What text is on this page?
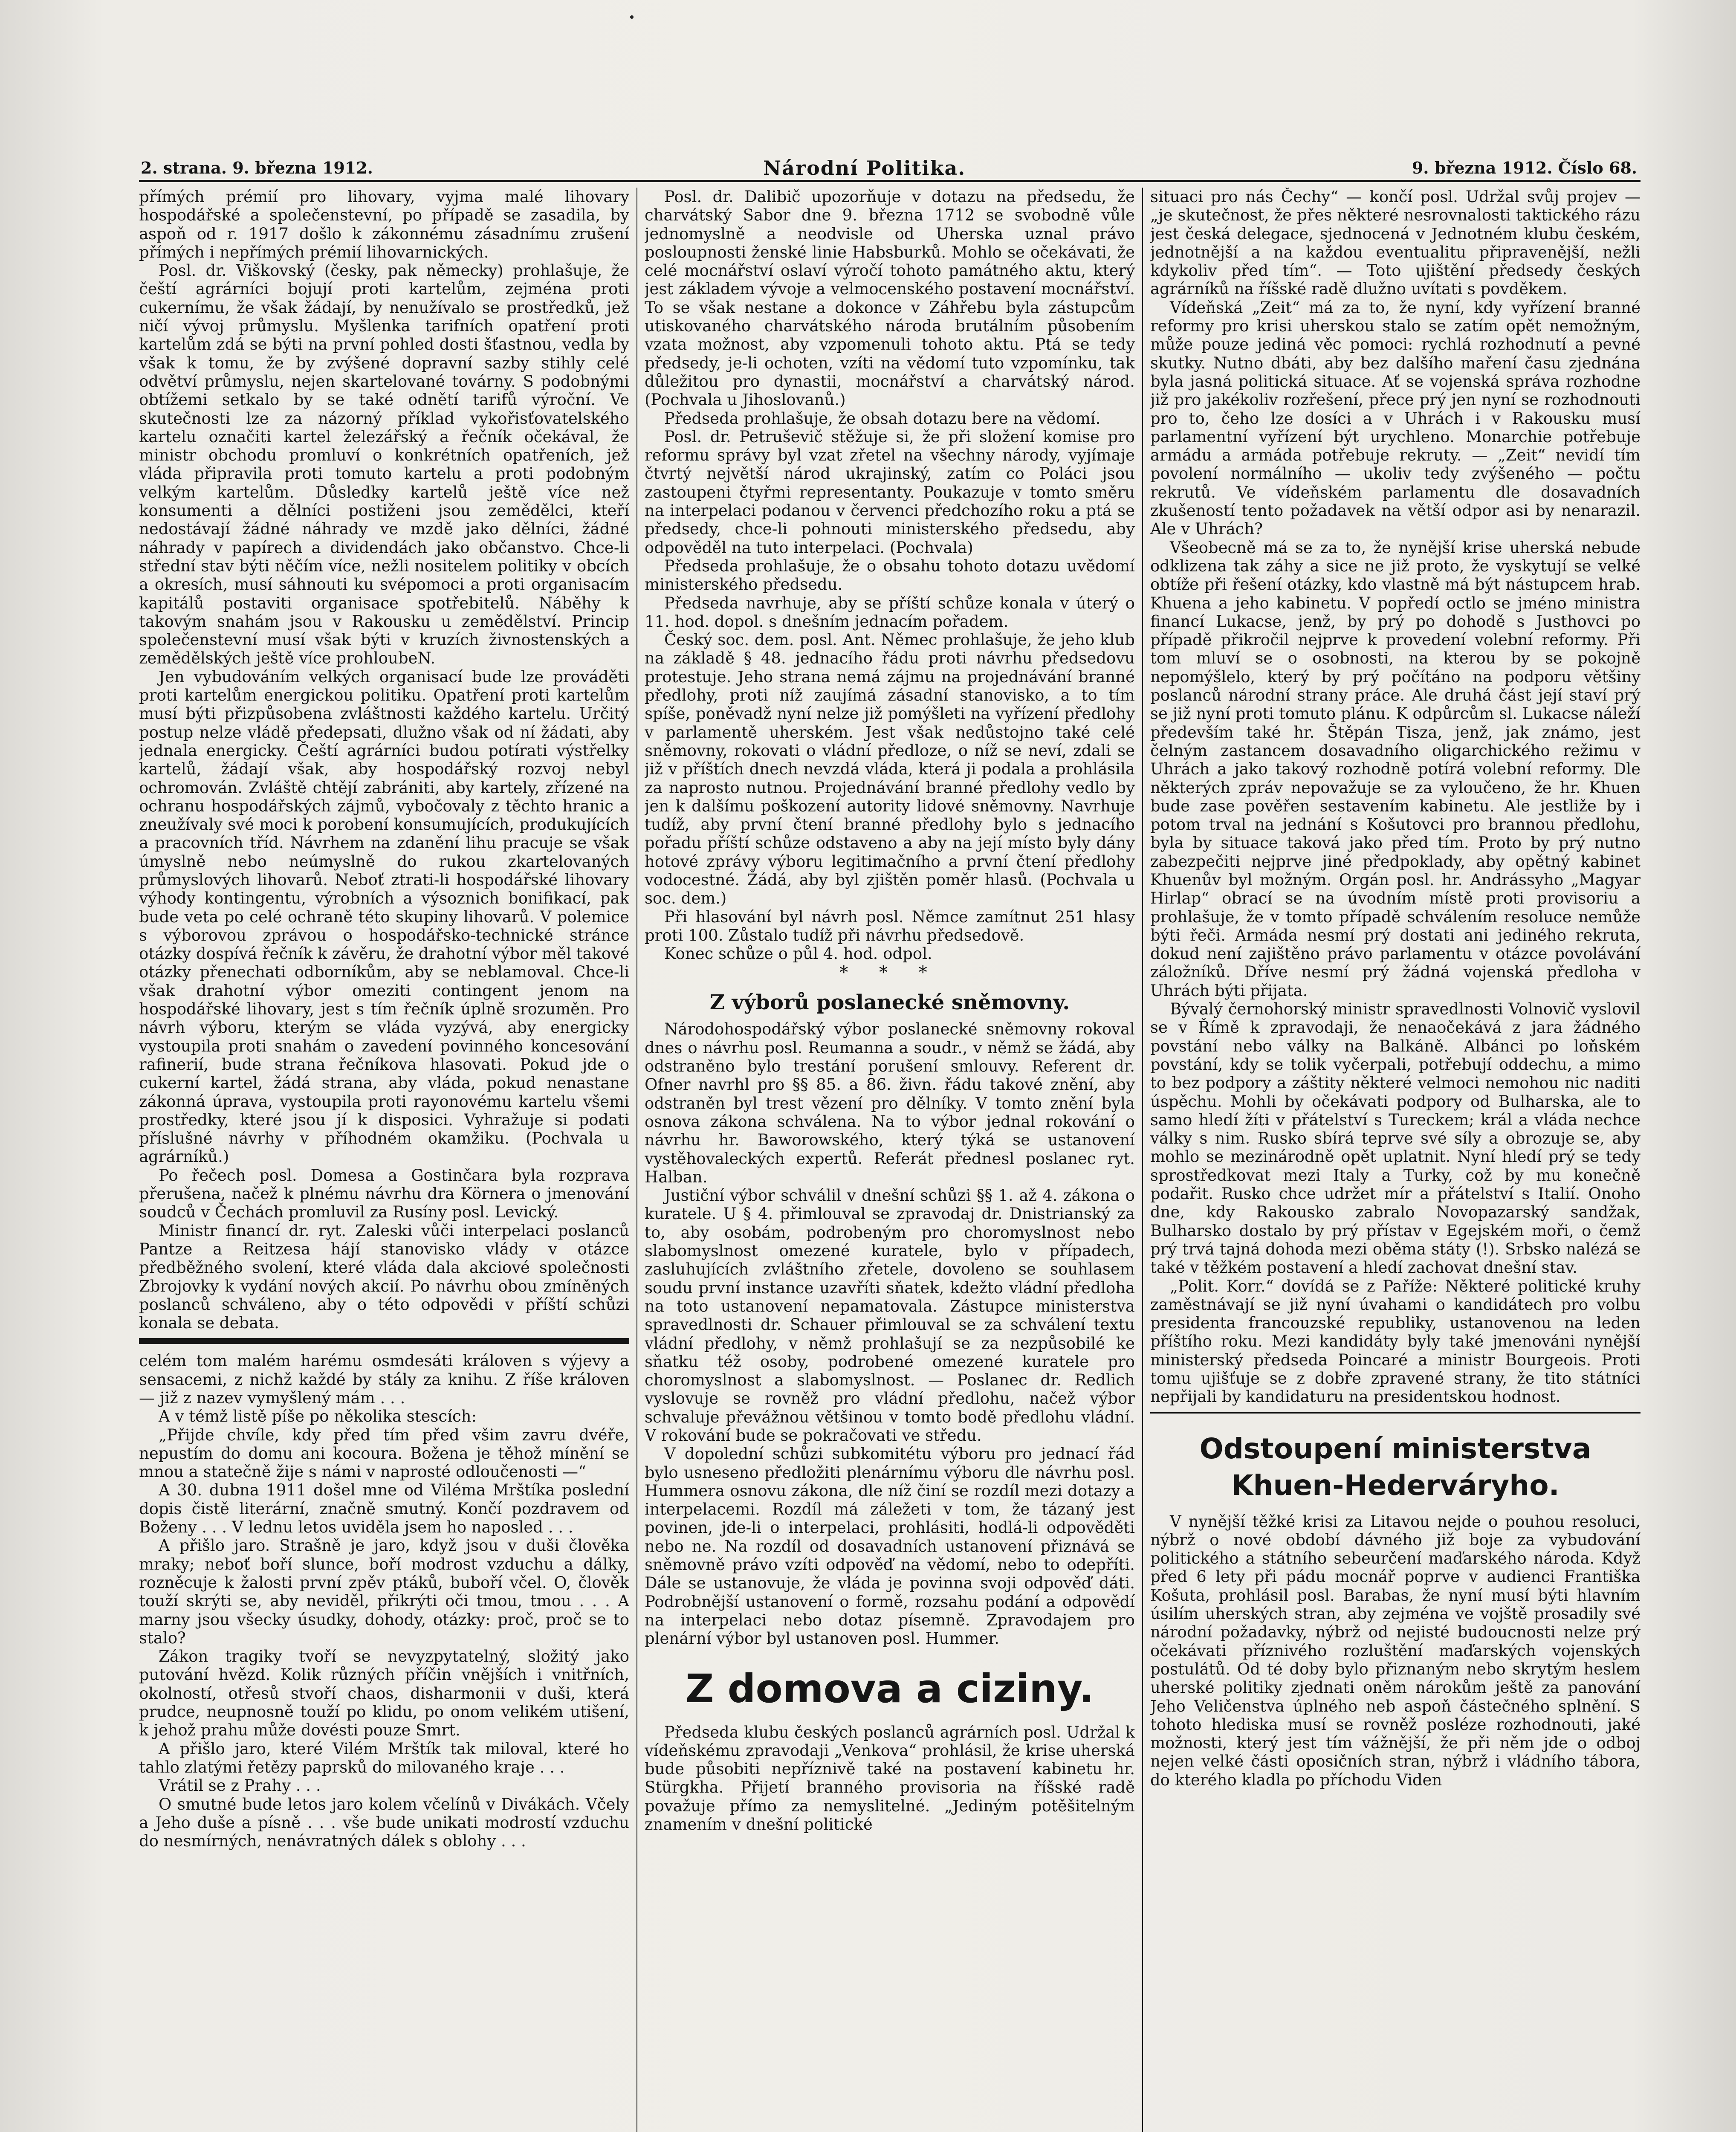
2. strana. 9. března 1912.	Národní Politika.	9. března 1912. Číslo 68.

přímých prémií pro lihovary, vyjma malé lihovary hospodářské a společenstevní, po případě se zasadila, by aspoň od r. 1917 došlo k zákonnému zásadnímu zrušení přímých i nepřímých prémií lihovarnických.

Posl. dr. Viškovský (česky, pak německy) prohlašuje, že čeští agrárníci bojují proti kartelům, zejména proti cukernímu, že však žádají, by nenužívalo se prostředků, jež ničí vývoj průmyslu. Myšlenka tarifních opatření proti kartelům zdá se býti na první pohled dosti šťastnou, vedla by však k tomu, že by zvýšené dopravní sazby stihly celé odvětví průmyslu, nejen skartelované továrny. S podobnými obtížemi setkalo by se také odnětí tarifů výroční. Ve skutečnosti lze za názorný příklad vykořisťovatelského kartelu označiti kartel železářský a řečník očekával, že ministr obchodu promluví o konkrétních opatřeních, jež vláda připravila proti tomuto kartelu a proti podobným velkým kartelům. Důsledky kartelů ještě více než konsumenti a dělníci postiženi jsou zemědělci, kteří nedostávají žádné náhrady ve mzdě jako dělníci, žádné náhrady v papírech a dividendách jako občanstvo. Chce-li střední stav býti něčím více, nežli nositelem politiky v obcích a okresích, musí sáhnouti ku svépomoci a proti organisacím kapitálů postaviti organisace spotřebitelů. Náběhy k takovým snahám jsou v Rakousku u zemědělství. Princip společenstevní musí však býti v kruzích živnostenských a zemědělských ještě více prohloubeN.

Jen vybudováním velkých organisací bude lze prováděti proti kartelům energickou politiku. Opatření proti kartelům musí býti přizpůsobena zvláštnosti každého kartelu. Určitý postup nelze vládě předepsati, dlužno však od ní žádati, aby jednala energicky. Čeští agrárníci budou potírati výstřelky kartelů, žádají však, aby hospodářský rozvoj nebyl ochromován. Zvláště chtějí zabrániti, aby kartely, zřízené na ochranu hospodářských zájmů, vybočovaly z těchto hranic a zneužívaly své moci k porobení konsumujících, produkujících a pracovních tříd. Návrhem na zdanění lihu pracuje se však úmyslně nebo neúmyslně do rukou zkartelovaných průmyslových lihovarů. Neboť ztrati-li hospodářské lihovary výhody kontingentu, výrobních a výsoznich bonifikací, pak bude veta po celé ochraně této skupiny lihovarů. V polemice s výborovou zprávou o hospodářsko-technické stránce otázky dospívá řečník k závěru, že drahotní výbor měl takové otázky přenechati odborníkům, aby se neblamoval. Chce-li však drahotní výbor omeziti contingent jenom na hospodářské lihovary, jest s tím řečník úplně srozuměn. Pro návrh výboru, kterým se vláda vyzývá, aby energicky vystoupila proti snahám o zavedení povinného koncesování rafinerií, bude strana řečníkova hlasovati. Pokud jde o cukerní kartel, žádá strana, aby vláda, pokud nenastane zákonná úprava, vystoupila proti rayonovému kartelu všemi prostředky, které jsou jí k disposici. Vyhražuje si podati příslušné návrhy v příhodném okamžiku. (Pochvala u agrárníků.)

Po řečech posl. Domesa a Gostinčara byla rozprava přerušena, načež k plnému návrhu dra Körnera o jmenování soudců v Čechách promluvil za Rusíny posl. Levický.

Ministr financí dr. ryt. Zaleski vůči interpelaci poslanců Pantze a Reitzesa hájí stanovisko vlády v otázce předběžného svolení, které vláda dala akciové společnosti Zbrojovky k vydání nových akcií. Po návrhu obou zmíněných poslanců schváleno, aby o této odpovědi v příští schůzi konala se debata.

celém tom malém harému osmdesáti královen s výjevy a sensacemi, z nichž každé by stály za knihu. Z říše královen — již z nazev vymyšlený mám . . .

A v témž listě píše po několika stescích:

„Přijde chvíle, kdy před tím před všim zavru dvéře, nepustím do domu ani kocoura. Božena je těhož mínění se mnou a statečně žije s námi v naprosté odloučenosti —“

A 30. dubna 1911 došel mne od Viléma Mrštíka poslední dopis čistě literární, značně smutný. Končí pozdravem od Boženy . . . V lednu letos uviděla jsem ho naposled . . .

A přišlo jaro. Strašně je jaro, když jsou v duši člověka mraky; neboť boří slunce, boří modrost vzduchu a dálky, rozněcuje k žalosti první zpěv ptáků, buboří včel. O, člověk touží skrýti se, aby neviděl, přikrýti oči tmou, tmou . . . A marny jsou všecky úsudky, dohody, otázky: proč, proč se to stalo?

Zákon tragiky tvoří se nevyzpytatelný, složitý jako putování hvězd. Kolik různých příčin vnějších i vnitřních, okolností, otřesů stvoří chaos, disharmonii v duši, která prudce, neupnosně touží po klidu, po onom velikém utišení, k jehož prahu může dovésti pouze Smrt.

A přišlo jaro, které Vilém Mrštík tak miloval, které ho tahlo zlatými řetězy paprsků do milovaného kraje . . .

Vrátil se z Prahy . . .

O smutné bude letos jaro kolem včelínů v Divákách. Včely a Jeho duše a písně . . . vše bude unikati modrostí vzduchu do nesmírných, nenávratných dálek s oblohy . . .

Posl. dr. Dalibič upozorňuje v dotazu na předsedu, že charvátský Sabor dne 9. března 1712 se svobodně vůle jednomyslně a neodvisle od Uherska uznal právo posloupnosti ženské linie Habsburků. Mohlo se očekávati, že celé mocnářství oslaví výročí tohoto památného aktu, který jest základem vývoje a velmocenského postavení mocnářství. To se však nestane a dokonce v Záhřebu byla zástupcům utiskovaného charvátského národa brutálním působením vzata možnost, aby vzpomenuli tohoto aktu. Ptá se tedy předsedy, je-li ochoten, vzíti na vědomí tuto vzpomínku, tak důležitou pro dynastii, mocnářství a charvátský národ. (Pochvala u Jihoslovanů.)

Předseda prohlašuje, že obsah dotazu bere na vědomí.

Posl. dr. Petruševič stěžuje si, že při složení komise pro reformu správy byl vzat zřetel na všechny národy, vyjímaje čtvrtý největší národ ukrajinský, zatím co Poláci jsou zastoupeni čtyřmi representanty. Poukazuje v tomto směru na interpelaci podanou v červenci předchozího roku a ptá se předsedy, chce-li pohnouti ministerského předsedu, aby odpověděl na tuto interpelaci. (Pochvala)

Předseda prohlašuje, že o obsahu tohoto dotazu uvědomí ministerského předsedu.

Předseda navrhuje, aby se příští schůze konala v úterý o 11. hod. dopol. s dnešním jednacím pořadem.

Český soc. dem. posl. Ant. Němec prohlašuje, že jeho klub na základě § 48. jednacího řádu proti návrhu předsedovu protestuje. Jeho strana nemá zájmu na projednávání branné předlohy, proti níž zaujímá zásadní stanovisko, a to tím spíše, poněvadž nyní nelze již pomýšleti na vyřízení předlohy v parlamentě uherském. Jest však nedůstojno také celé sněmovny, rokovati o vládní předloze, o níž se neví, zdali se již v příštích dnech nevzdá vláda, která ji podala a prohlásila za naprosto nutnou. Projednávání branné předlohy vedlo by jen k dalšímu poškození autority lidové sněmovny. Navrhuje tudíž, aby první čtení branné předlohy bylo s jednacího pořadu příští schůze odstaveno a aby na její místo byly dány hotové zprávy výboru legitimačního a první čtení předlohy vodocestné. Žádá, aby byl zjištěn poměr hlasů. (Pochvala u soc. dem.)

Při hlasování byl návrh posl. Němce zamítnut 251 hlasy proti 100. Zůstalo tudíž při návrhu předsedově.

Konec schůze o půl 4. hod. odpol.

* * *
Z výborů poslanecké sněmovny.

Národohospodářský výbor poslanecké sněmovny rokoval dnes o návrhu posl. Reumanna a soudr., v němž se žádá, aby odstraněno bylo trestání porušení smlouvy. Referent dr. Ofner navrhl pro §§ 85. a 86. živn. řádu takové znění, aby odstraněn byl trest vězení pro dělníky. V tomto znění byla osnova zákona schválena. Na to výbor jednal rokování o návrhu hr. Baworowského, který týká se ustanovení vystěhovaleckých expertů. Referát přednesl poslanec ryt. Halban.

Justiční výbor schválil v dnešní schůzi §§ 1. až 4. zákona o kuratele. U § 4. přimlouval se zpravodaj dr. Dnistrianský za to, aby osobám, podrobeným pro choromyslnost nebo slabomyslnost omezené kuratele, bylo v případech, zasluhujících zvláštního zřetele, dovoleno se souhlasem soudu první instance uzavříti sňatek, kdežto vládní předloha na toto ustanovení nepamatovala. Zástupce ministerstva spravedlnosti dr. Schauer přimlouval se za schválení textu vládní předlohy, v němž prohlašují se za nezpůsobilé ke sňatku též osoby, podrobené omezené kuratele pro choromyslnost a slabomyslnost. — Poslanec dr. Redlich vyslovuje se rovněž pro vládní předlohu, načež výbor schvaluje převážnou většinou v tomto bodě předlohu vládní. V rokování bude se pokračovati ve středu.

V dopolední schůzi subkomitétu výboru pro jednací řád bylo usneseno předložiti plenárnímu výboru dle návrhu posl. Hummera osnovu zákona, dle níž činí se rozdíl mezi dotazy a interpelacemi. Rozdíl má záležeti v tom, že tázaný jest povinen, jde-li o interpelaci, prohlásiti, hodlá-li odpověděti nebo ne. Na rozdíl od dosavadních ustanovení přiznává se sněmovně právo vzíti odpověď na vědomí, nebo to odepříti. Dále se ustanovuje, že vláda je povinna svoji odpověď dáti. Podrobnější ustanovení o formě, rozsahu podání a odpovědí na interpelaci nebo dotaz písemně. Zpravodajem pro plenární výbor byl ustanoven posl. Hummer.

Z domova a ciziny.

Předseda klubu českých poslanců agrárních posl. Udržal k vídeňskému zpravodaji „Venkova“ prohlásil, že krise uherská bude působiti nepříznivě také na postavení kabinetu hr. Stürgkha. Přijetí branného provisoria na říšské radě považuje přímo za nemyslitelné. „Jediným potěšitelným znamením v dnešní politické

situaci pro nás Čechy“ — končí posl. Udržal svůj projev — „je skutečnost, že přes některé nesrovnalosti taktického rázu jest česká delegace, sjednocená v Jednotném klubu českém, jednotnější a na každou eventualitu připravenější, nežli kdykoliv před tím“. — Toto ujištění předsedy českých agrárníků na říšské radě dlužno uvítati s povděkem.

Vídeňská „Zeit“ má za to, že nyní, kdy vyřízení branné reformy pro krisi uherskou stalo se zatím opět nemožným, může pouze jediná věc pomoci: rychlá rozhodnutí a pevné skutky. Nutno dbáti, aby bez dalšího maření času zjednána byla jasná politická situace. Ať se vojenská správa rozhodne již pro jakékoliv rozřešení, přece prý jen nyní se rozhodnouti pro to, čeho lze dosíci a v Uhrách i v Rakousku musí parlamentní vyřízení být urychleno. Monarchie potřebuje armádu a armáda potřebuje rekruty. — „Zeit“ nevidí tím povolení normálního — ukoliv tedy zvýšeného — počtu rekrutů. Ve vídeňském parlamentu dle dosavadních zkušeností tento požadavek na větší odpor asi by nenarazil. Ale v Uhrách?

Všeobecně má se za to, že nynější krise uherská nebude odklizena tak záhy a sice ne již proto, že vyskytují se velké obtíže při řešení otázky, kdo vlastně má být nástupcem hrab. Khuena a jeho kabinetu. V popředí octlo se jméno ministra financí Lukacse, jenž, by prý po dohodě s Justhovci po případě přikročil nejprve k provedení volební reformy. Při tom mluví se o osobnosti, na kterou by se pokojně nepomýšlelo, který by prý počítáno na podporu většiny poslanců národní strany práce. Ale druhá část její staví prý se již nyní proti tomuto plánu. K odpůrcům sl. Lukacse náleží především také hr. Štěpán Tisza, jenž, jak známo, jest čelným zastancem dosavadního oligarchického režimu v Uhrách a jako takový rozhodně potírá volební reformy. Dle některých zpráv nepovažuje se za vyloučeno, že hr. Khuen bude zase pověřen sestavením kabinetu. Ale jestliže by i potom trval na jednání s Košutovci pro brannou předlohu, byla by situace taková jako před tím. Proto by prý nutno zabezpečiti nejprve jiné předpoklady, aby opětný kabinet Khuenův byl možným. Orgán posl. hr. Andrássyho „Magyar Hirlap“ obrací se na úvodním místě proti provisoriu a prohlašuje, že v tomto případě schválením resoluce nemůže býti řeči. Armáda nesmí prý dostati ani jediného rekruta, dokud není zajištěno právo parlamentu v otázce povolávání záložníků. Dříve nesmí prý žádná vojenská předloha v Uhrách býti přijata.

Bývalý černohorský ministr spravedlnosti Volnovič vyslovil se v Římě k zpravodaji, že nenaočekává z jara žádného povstání nebo války na Balkáně. Albánci po loňském povstání, kdy se tolik vyčerpali, potřebují oddechu, a mimo to bez podpory a záštity některé velmoci nemohou nic naditi úspěchu. Mohli by očekávati podpory od Bulharska, ale to samo hledí žíti v přátelství s Tureckem; král a vláda nechce války s nim. Rusko sbírá teprve své síly a obrozuje se, aby mohlo se mezinárodně opět uplatnit. Nyní hledí prý se tedy sprostředkovat mezi Italy a Turky, což by mu konečně podařit. Rusko chce udržet mír a přátelství s Italií. Onoho dne, kdy Rakousko zabralo Novopazarský sandžak, Bulharsko dostalo by prý přístav v Egejském moři, o čemž prý trvá tajná dohoda mezi oběma státy (!). Srbsko nalézá se také v těžkém postavení a hledí zachovat dnešní stav.

„Polit. Korr.“ dovídá se z Paříže: Některé politické kruhy zaměstnávají se již nyní úvahami o kandidátech pro volbu presidenta francouzské republiky, ustanovenou na leden příštího roku. Mezi kandidáty byly také jmenováni nynější ministerský předseda Poincaré a ministr Bourgeois. Proti tomu ujišťuje se z dobře zpravené strany, že tito státníci nepřijali by kandidaturu na presidentskou hodnost.

Odstoupení ministerstva Khuen-Hederváryho.

V nynější těžké krisi za Litavou nejde o pouhou resoluci, nýbrž o nové období dávného již boje za vybudování politického a státního sebeurčení maďarského národa. Když před 6 lety při pádu mocnář poprve v audienci Františka Košuta, prohlásil posl. Barabas, že nyní musí býti hlavním úsilím uherských stran, aby zejména ve vojště prosadily své národní požadavky, nýbrž od nejisté budoucnosti nelze prý očekávati příznivého rozluštění maďarských vojenských postulátů. Od té doby bylo přiznaným nebo skrytým heslem uherské politiky zjednati oněm nárokům ještě za panování Jeho Veličenstva úplného neb aspoň částečného splnění. S tohoto hlediska musí se rovněž posléze rozhodnouti, jaké možnosti, který jest tím vážnější, že při něm jde o odboj nejen velké části oposičních stran, nýbrž i vládního tábora, do kterého kladla po příchodu Viden
